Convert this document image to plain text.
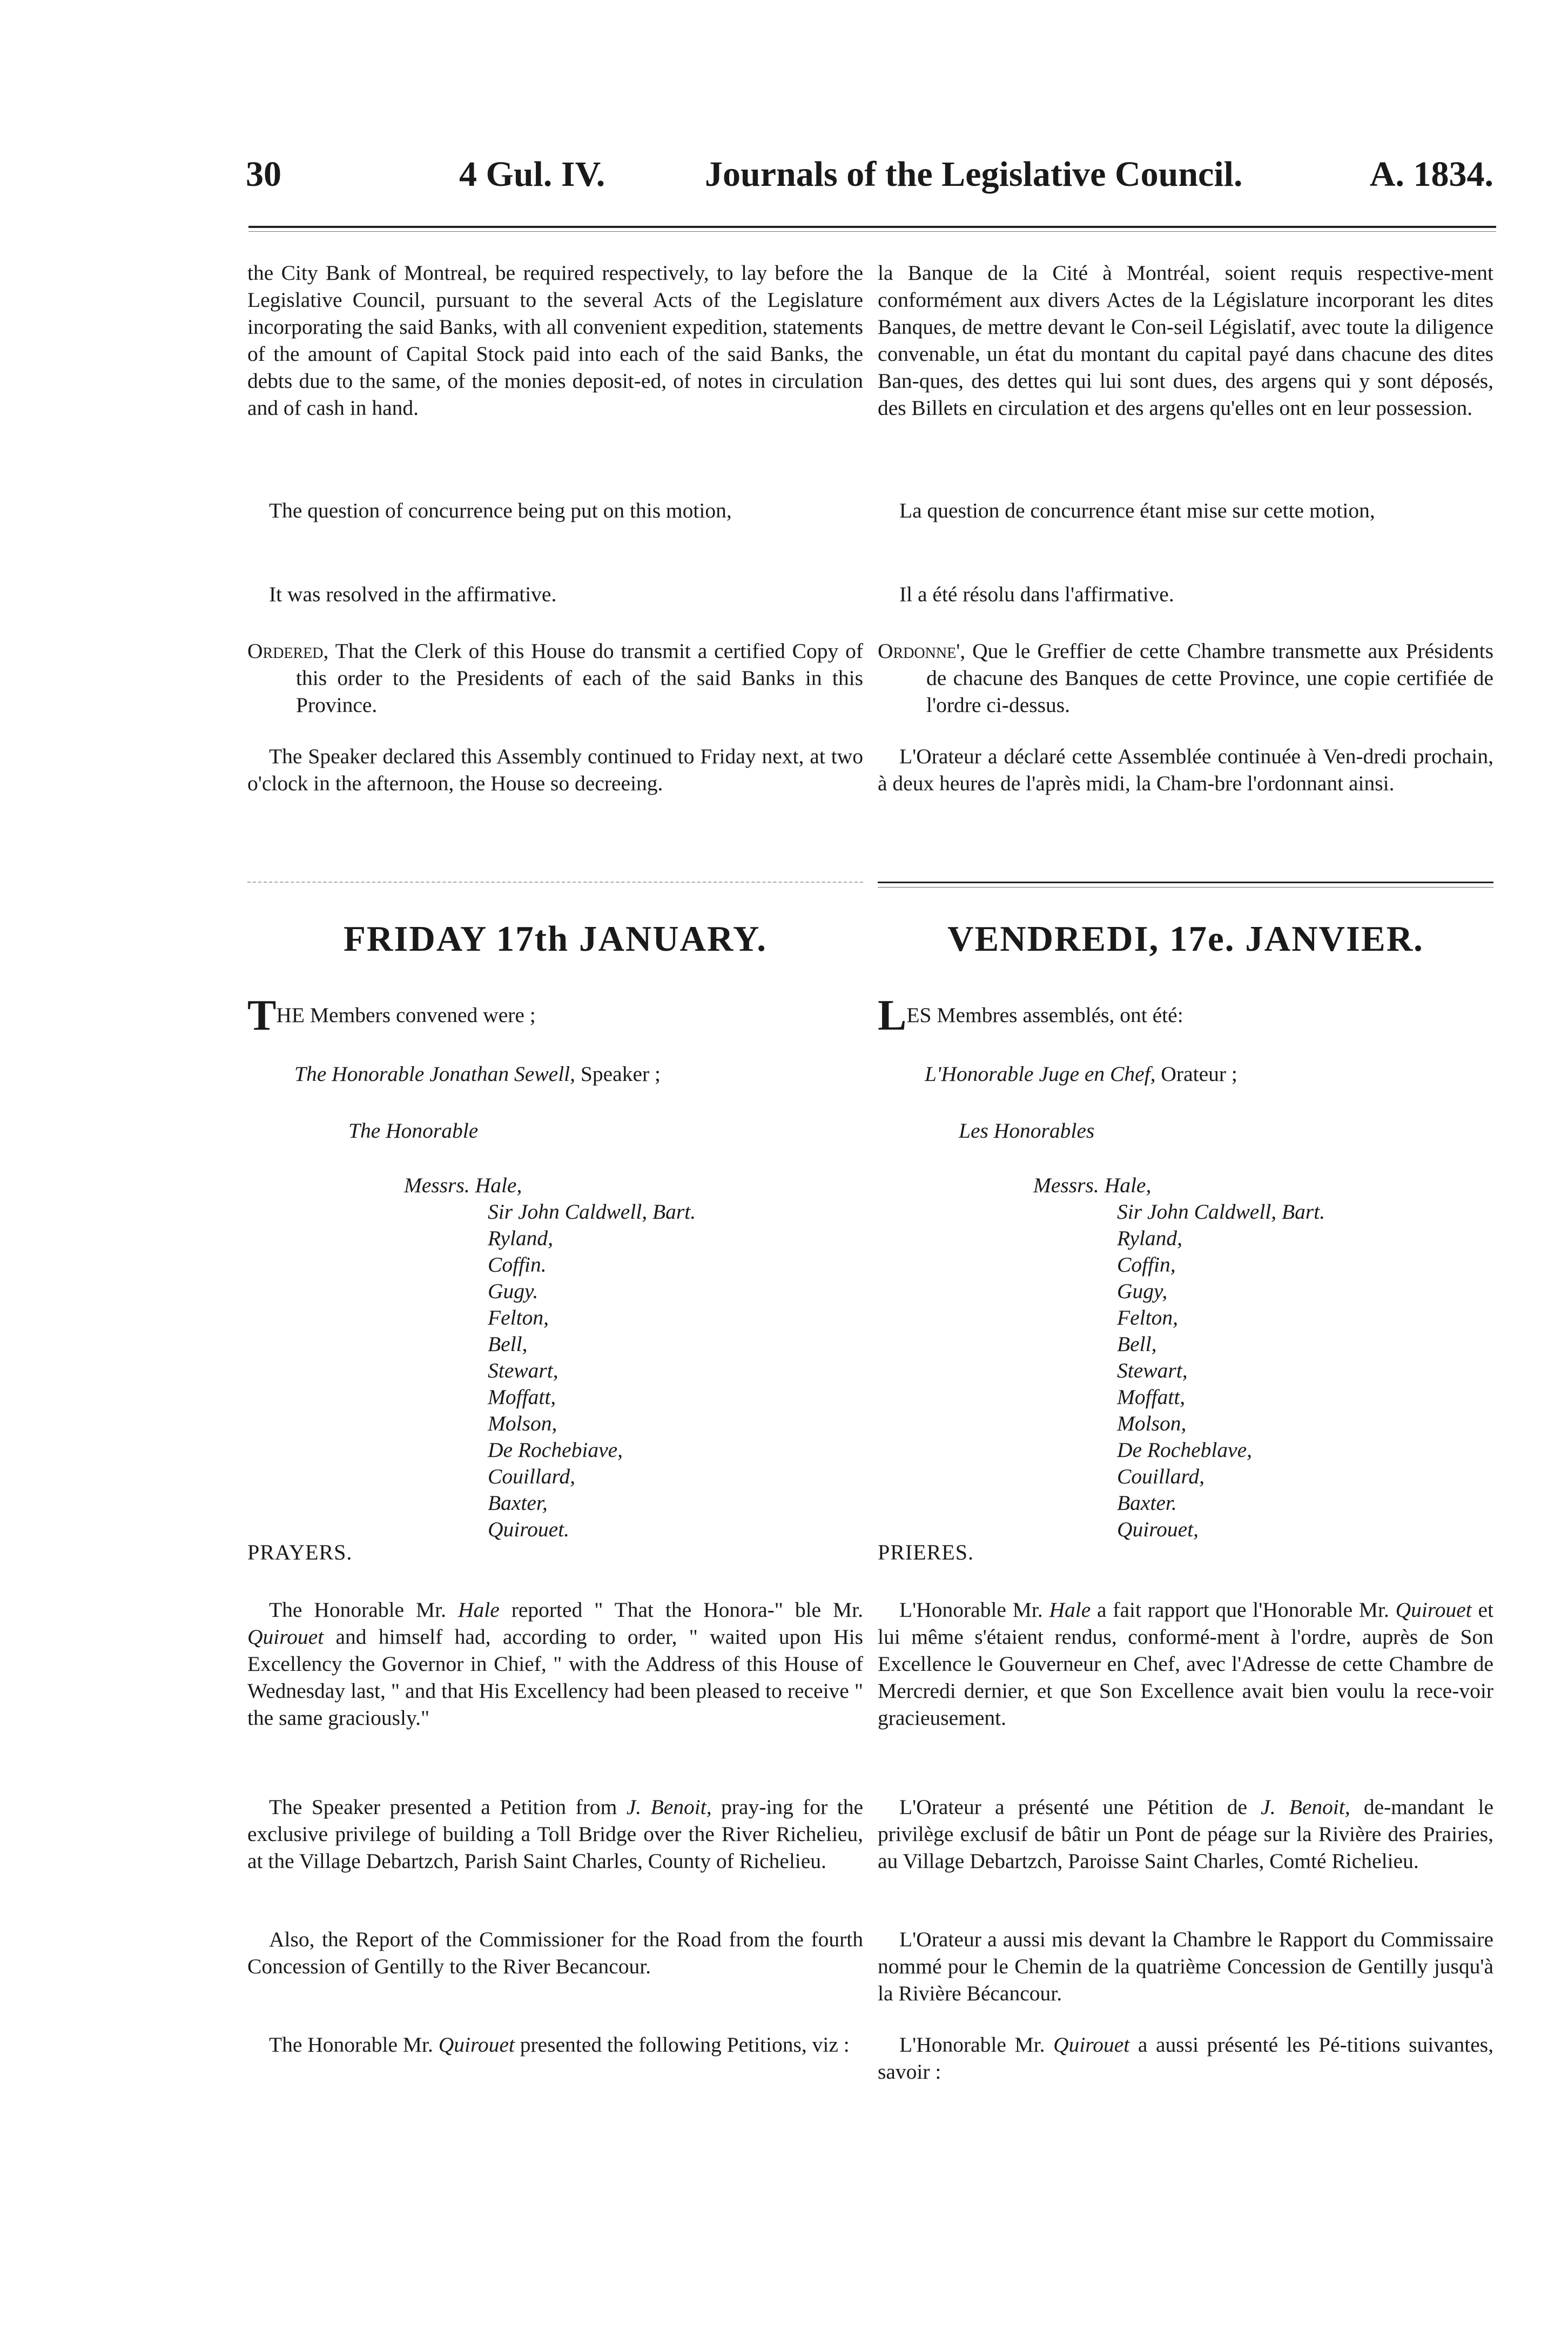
30	4 Gul. IV.	Journals of the Legislative Council.	A. 1834.

the City Bank of Montreal, be required respectively, to lay before the Legislative Council, pursuant to the several Acts of the Legislature incorporating the said Banks, with all convenient expedition, statements of the amount of Capital Stock paid into each of the said Banks, the debts due to the same, of the monies deposit-ed, of notes in circulation and of cash in hand.

The question of concurrence being put on this motion,

It was resolved in the affirmative.

Ordered, That the Clerk of this House do transmit a certified Copy of this order to the Presidents of each of the said Banks in this Province.

The Speaker declared this Assembly continued to Friday next, at two o'clock in the afternoon, the House so decreeing.

la Banque de la Cité à Montréal, soient requis respective-ment conformément aux divers Actes de la Législature incorporant les dites Banques, de mettre devant le Con-seil Législatif, avec toute la diligence convenable, un état du montant du capital payé dans chacune des dites Ban-ques, des dettes qui lui sont dues, des argens qui y sont déposés, des Billets en circulation et des argens qu'elles ont en leur possession.

La question de concurrence étant mise sur cette motion,

Il a été résolu dans l'affirmative.

Ordonne', Que le Greffier de cette Chambre transmette aux Présidents de chacune des Banques de cette Province, une copie certifiée de l'ordre ci-dessus.

L'Orateur a déclaré cette Assemblée continuée à Ven-dredi prochain, à deux heures de l'après midi, la Cham-bre l'ordonnant ainsi.

FRIDAY 17th JANUARY.	VENDREDI, 17e. JANVIER.
THE Members convened were ;	LES Membres assemblés, ont été:
The Honorable Jonathan Sewell, Speaker ;	L'Honorable Juge en Chef, Orateur ;
The Honorable	Les Honorables
Messrs. Hale,
Sir John Caldwell, Bart.
Ryland,
Coffin.
Gugy.
Felton,
Bell,
Stewart,
Moffatt,
Molson,
De Rochebiave,
Couillard,
Baxter,
Quirouet.
Messrs. Hale,
Sir John Caldwell, Bart.
Ryland,
Coffin,
Gugy,
Felton,
Bell,
Stewart,
Moffatt,
Molson,
De Rocheblave,
Couillard,
Baxter.
Quirouet,
PRAYERS.	PRIERES.

The Honorable Mr. Hale reported " That the Honora-" ble Mr. Quirouet and himself had, according to order, " waited upon His Excellency the Governor in Chief, " with the Address of this House of Wednesday last, " and that His Excellency had been pleased to receive " the same graciously."

The Speaker presented a Petition from J. Benoit, pray-ing for the exclusive privilege of building a Toll Bridge over the River Richelieu, at the Village Debartzch, Parish Saint Charles, County of Richelieu.

Also, the Report of the Commissioner for the Road from the fourth Concession of Gentilly to the River Becancour.

The Honorable Mr. Quirouet presented the following Petitions, viz :

L'Honorable Mr. Hale a fait rapport que l'Honorable Mr. Quirouet et lui même s'étaient rendus, conformé-ment à l'ordre, auprès de Son Excellence le Gouverneur en Chef, avec l'Adresse de cette Chambre de Mercredi dernier, et que Son Excellence avait bien voulu la rece-voir gracieusement.

L'Orateur a présenté une Pétition de J. Benoit, de-mandant le privilège exclusif de bâtir un Pont de péage sur la Rivière des Prairies, au Village Debartzch, Paroisse Saint Charles, Comté Richelieu.

L'Orateur a aussi mis devant la Chambre le Rapport du Commissaire nommé pour le Chemin de la quatrième Concession de Gentilly jusqu'à la Rivière Bécancour.

L'Honorable Mr. Quirouet a aussi présenté les Pé-titions suivantes, savoir :
